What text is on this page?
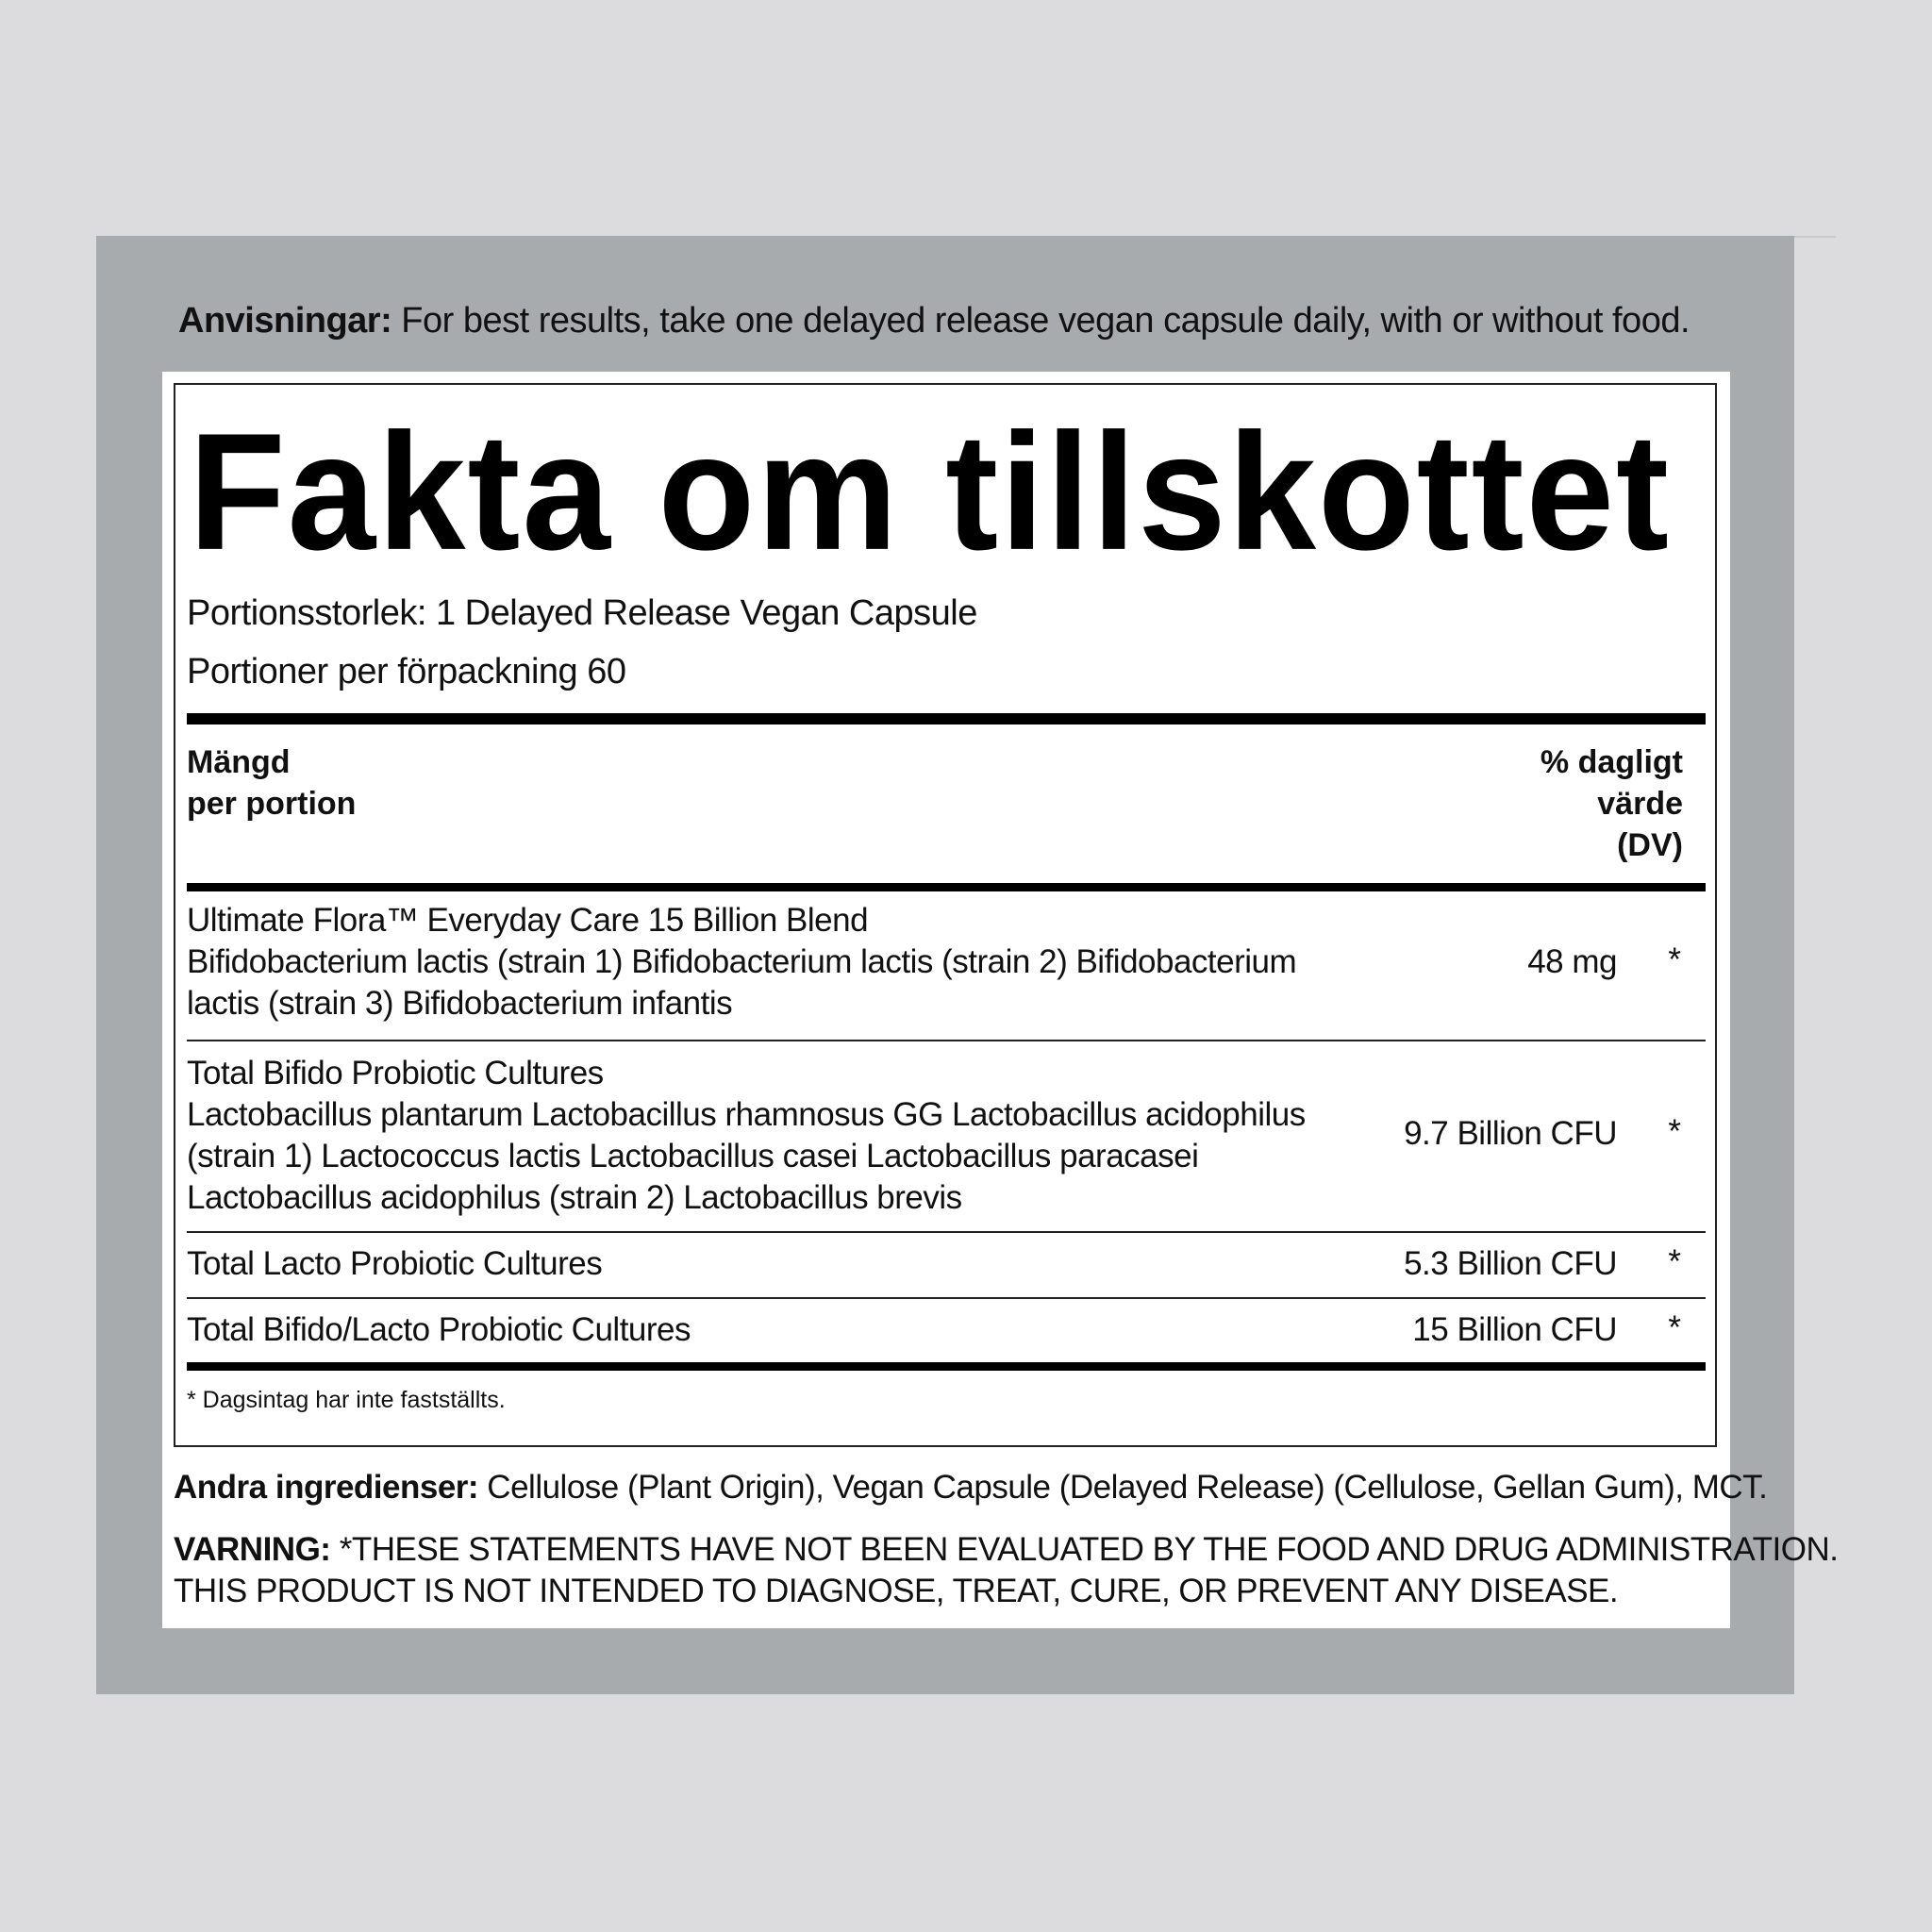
Anvisningar: For best results, take one delayed release vegan capsule daily, with or without food.
Fakta om tillskottet
Portionsstorlek: 1 Delayed Release Vegan Capsule
Portioner per förpackning 60
Mängd
per portion
% dagligt
värde
(DV)
Ultimate Flora™ Everyday Care 15 Billion Blend
Bifidobacterium lactis (strain 1) Bifidobacterium lactis (strain 2) Bifidobacterium
lactis (strain 3) Bifidobacterium infantis
48 mg *
Total Bifido Probiotic Cultures
Lactobacillus plantarum Lactobacillus rhamnosus GG Lactobacillus acidophilus
(strain 1) Lactococcus lactis Lactobacillus casei Lactobacillus paracasei
Lactobacillus acidophilus (strain 2) Lactobacillus brevis
9.7 Billion CFU *
Total Lacto Probiotic Cultures	5.3 Billion CFU *
Total Bifido/Lacto Probiotic Cultures	15 Billion CFU *
* Dagsintag har inte fastställts.
Andra ingredienser: Cellulose (Plant Origin), Vegan Capsule (Delayed Release) (Cellulose, Gellan Gum), MCT.
VARNING: *THESE STATEMENTS HAVE NOT BEEN EVALUATED BY THE FOOD AND DRUG ADMINISTRATION.
THIS PRODUCT IS NOT INTENDED TO DIAGNOSE, TREAT, CURE, OR PREVENT ANY DISEASE.
